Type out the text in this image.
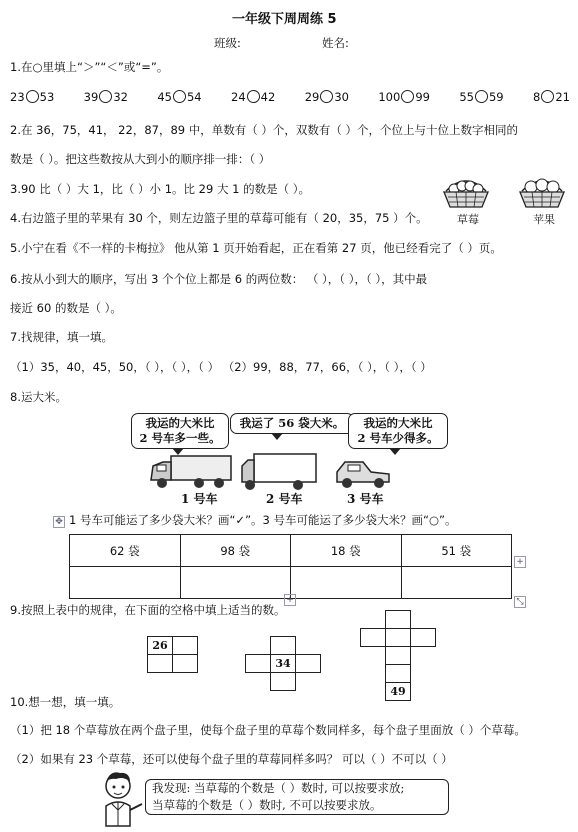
一年级下周周练 5
班级:	姓名:
1.在○里填上“＞”“＜”或“=”。
23 53	39 32	45 54	24 42	29 30	100 99	55 59	8 21
2.在 36，75，41， 22，87，89 中，单数有（ ）个，双数有（ ）个，个位上与十位上数字相同的
数是（ ）。把这些数按从大到小的顺序排一排：（ ）
3.90 比（ ）大 1，比（ ）小 1。比 29 大 1 的数是（ ）。
草莓	苹果
4.右边篮子里的苹果有 30 个，则左边篮子里的草莓可能有（ 20，35，75 ）个。
5.小宁在看《不一样的卡梅拉》 他从第 1 页开始看起，正在看第 27 页，他已经看完了（ ）页。
6.按从小到大的顺序，写出 3 个个位上都是 6 的两位数： （ ），（ ），（ ），其中最
接近 60 的数是（ ）。
7.找规律，填一填。
（1）35，40，45，50，（ ），（ ），（ ） （2）99，88，77，66，（ ），（ ），（ ）
8.运大米。
我运的大米比
2 号车多一些。
我运了 56 袋大米。	我运的大米比
2 号车少得多。
1 号车	2 号车	3 号车
✥ 1 号车可能运了多少袋大米？画“✓”。3 号车可能运了多少袋大米？画“○”。
62 袋	98 袋	18 袋	51 袋

+
+	⤡
9.按照上表中的规律，在下面的空格中填上适当的数。
26	

	34	

	49	
10.想一想，填一填。
（1）把 18 个草莓放在两个盘子里，使每个盘子里的草莓个数同样多，每个盘子里面放（ ）个草莓。
（2）如果有 23 个草莓，还可以使每个盘子里的草莓同样多吗？ 可以（ ）不可以（ ）
我发现: 当草莓的个数是（ ）数时, 可以按要求放;
当草莓的个数是（ ）数时, 不可以按要求放。
